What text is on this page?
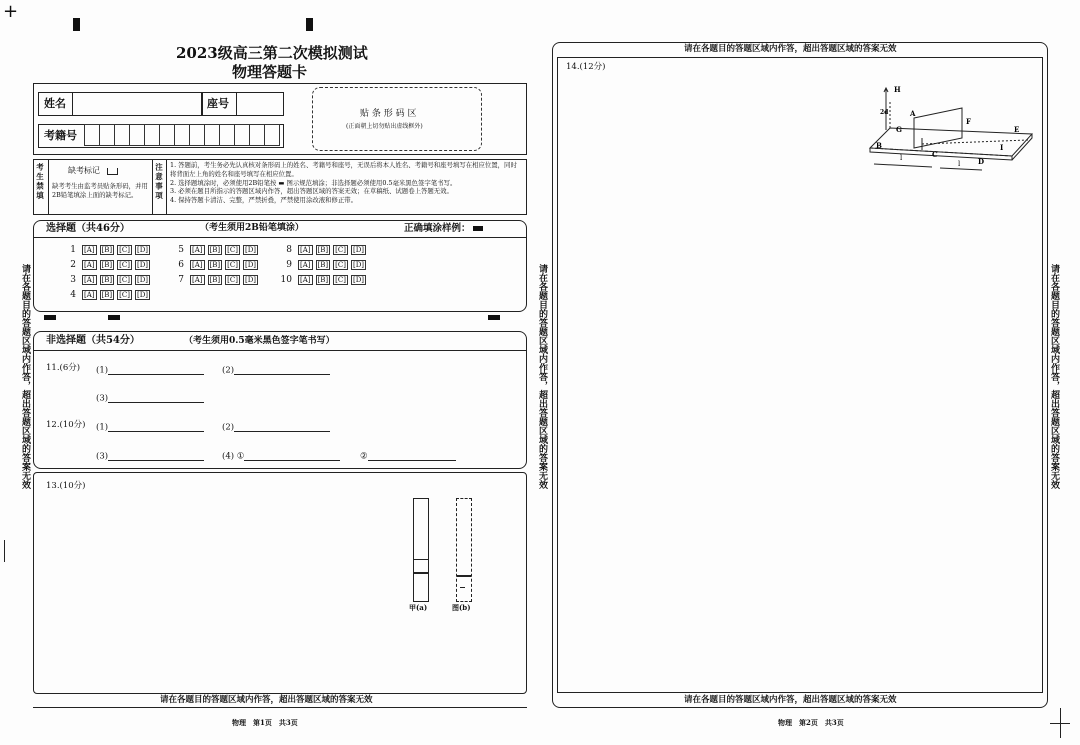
+
2023级高三第二次模拟测试
物理答题卡
姓名	座号
考籍号
贴 条 形 码 区
(正面朝上切勿贴出虚线框外)
考生禁填	缺考标记
缺考考生由监考员贴条形码，并用2B铅笔填涂上面的缺考标记。	注意事项 1. 答题前，考生务必先认真核对条形码上的姓名、考籍号和座号，无误后将本人姓名、考籍号和座号填写在相应位置，同时将背面左上角的姓名和座号填写在相应位置。
2. 选择题填涂时，必须使用2B铅笔按 ▬ 图示规范填涂；非选择题必须使用0.5毫米黑色签字笔书写。
3. 必须在题目所指示的答题区域内作答，超出答题区域的答案无效；在草稿纸、试题卷上答题无效。
4. 保持答题卡清洁、完整，严禁折叠，严禁使用涂改液和修正带。
选择题（共46分）	（考生须用2B铅笔填涂）	正确填涂样例：
1 [A] [B] [C] [D]
2 [A] [B] [C] [D]
3 [A] [B] [C] [D]
4 [A] [B] [C] [D]
5 [A] [B] [C] [D]
6 [A] [B] [C] [D]
7 [A] [B] [C] [D]
8 [A] [B] [C] [D]
9 [A] [B] [C] [D]
10 [A] [B] [C] [D]
非选择题（共54分）	（考生须用0.5毫米黑色签字笔书写）
11.(6分) (1)	(2)
(3)
12.(10分) (1)	(2)
(3)	(4) ①	②
13.(10分)
甲(a)	图(b)
请在各题目的答题区域内作答，超出答题区域的答案无效
物理　第1页　共3页
请在各题目的答题区域内作答，超出答题区域的答案无效	请在各题目的答题区域内作答，超出答题区域的答案无效	请在各题目的答题区域内作答，超出答题区域的答案无效
请在各题目的答题区域内作答，超出答题区域的答案无效
14.(12分)
H
2d	A
F
E
G
B
C
I
D
l
l
请在各题目的答题区域内作答，超出答题区域的答案无效
物理　第2页　共3页
